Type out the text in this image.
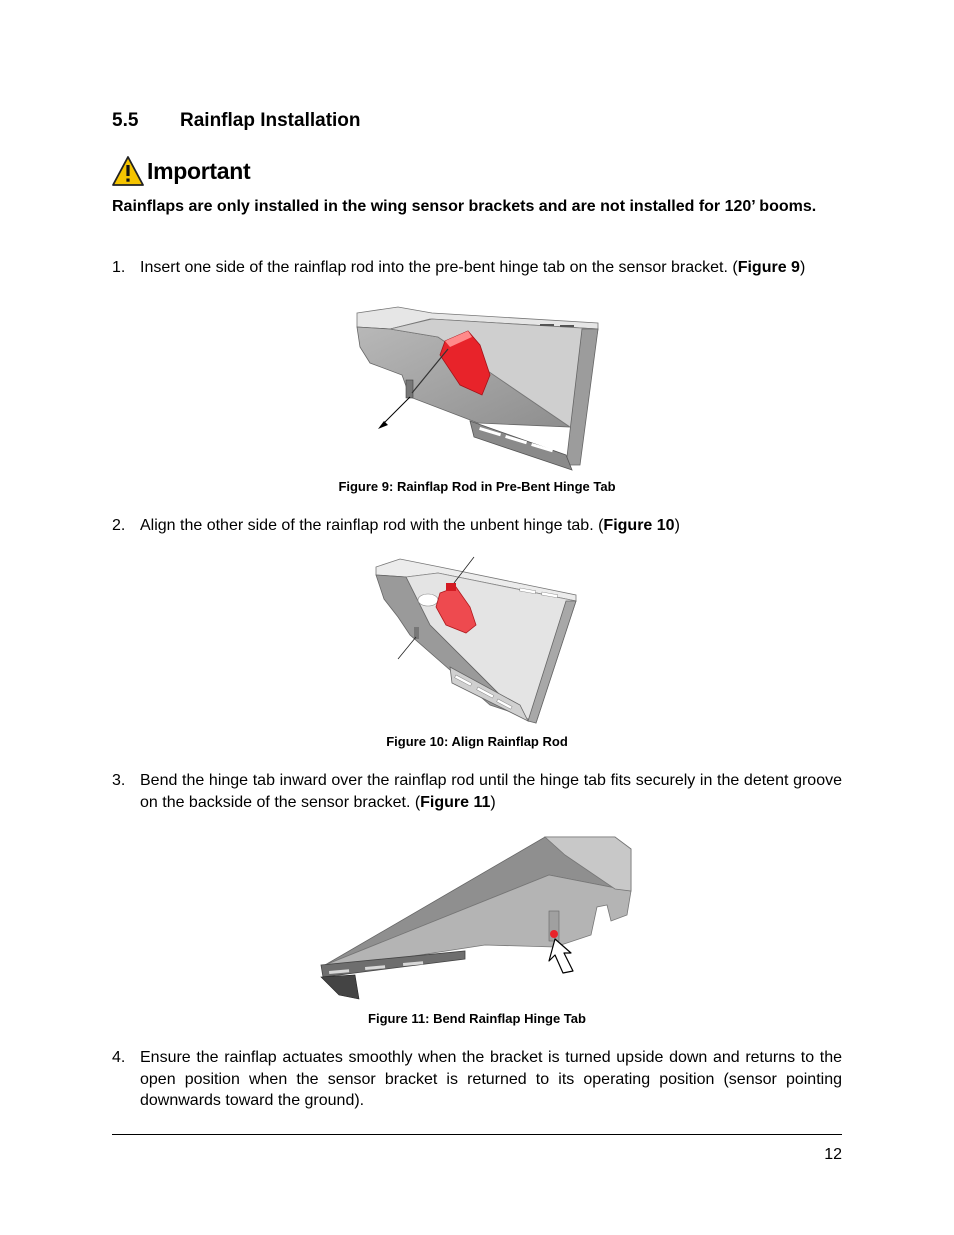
5.5 Rainflap Installation
Important
Rainflaps are only installed in the wing sensor brackets and are not installed for 120’ booms.
1. Insert one side of the rainflap rod into the pre-bent hinge tab on the sensor bracket. (Figure 9)
Figure 9: Rainflap Rod in Pre-Bent Hinge Tab
2. Align the other side of the rainflap rod with the unbent hinge tab. (Figure 10)
Figure 10: Align Rainflap Rod
3. Bend the hinge tab inward over the rainflap rod until the hinge tab fits securely in the detent groove on the backside of the sensor bracket. (Figure 11)
Figure 11: Bend Rainflap Hinge Tab
4. Ensure the rainflap actuates smoothly when the bracket is turned upside down and returns to the open position when the sensor bracket is returned to its operating position (sensor pointing downwards toward the ground).
12
